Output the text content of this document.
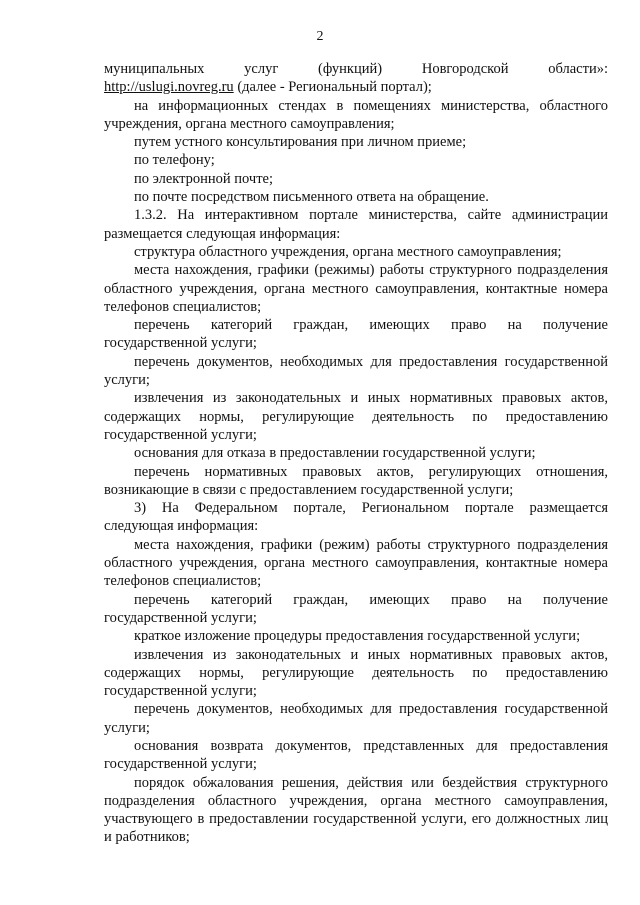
2

муниципальных услуг (функций) Новгородской области»:

http://uslugi.novreg.ru (далее - Региональный портал);

на информационных стендах в помещениях министерства, областного учреждения, органа местного самоуправления;

путем устного консультирования при личном приеме;

по телефону;

по электронной почте;

по почте посредством письменного ответа на обращение.

1.3.2. На интерактивном портале министерства, сайте администрации размещается следующая информация:

структура областного учреждения, органа местного самоуправления;

места нахождения, графики (режимы) работы структурного подразделения областного учреждения, органа местного самоуправления, контактные номера телефонов специалистов;

перечень категорий граждан, имеющих право на получение государственной услуги;

перечень документов, необходимых для предоставления государственной услуги;

извлечения из законодательных и иных нормативных правовых актов, содержащих нормы, регулирующие деятельность по предоставлению государственной услуги;

основания для отказа в предоставлении государственной услуги;

перечень нормативных правовых актов, регулирующих отношения, возникающие в связи с предоставлением государственной услуги;

3) На Федеральном портале, Региональном портале размещается следующая информация:

места нахождения, графики (режим) работы структурного подразделения областного учреждения, органа местного самоуправления, контактные номера телефонов специалистов;

перечень категорий граждан, имеющих право на получение государственной услуги;

краткое изложение процедуры предоставления государственной услуги;

извлечения из законодательных и иных нормативных правовых актов, содержащих нормы, регулирующие деятельность по предоставлению государственной услуги;

перечень документов, необходимых для предоставления государственной услуги;

основания возврата документов, представленных для предоставления государственной услуги;

порядок обжалования решения, действия или бездействия структурного подразделения областного учреждения, органа местного самоуправления, участвующего в предоставлении государственной услуги, его должностных лиц и работников;
